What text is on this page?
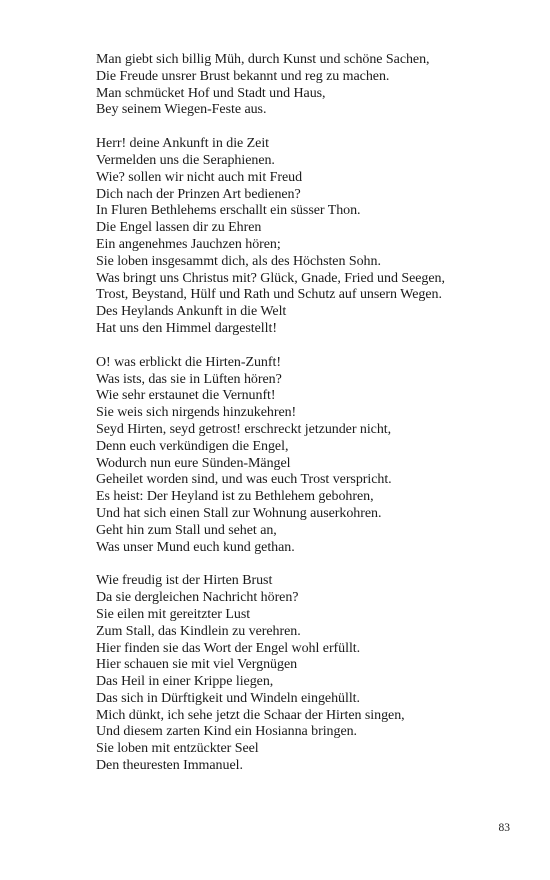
Man giebt sich billig Müh, durch Kunst und schöne Sachen,
Die Freude unsrer Brust bekannt und reg zu machen.
Man schmücket Hof und Stadt und Haus,
Bey seinem Wiegen-Feste aus.
Herr! deine Ankunft in die Zeit
Vermelden uns die Seraphienen.
Wie? sollen wir nicht auch mit Freud
Dich nach der Prinzen Art bedienen?
In Fluren Bethlehems erschallt ein süsser Thon.
Die Engel lassen dir zu Ehren
Ein angenehmes Jauchzen hören;
Sie loben insgesammt dich, als des Höchsten Sohn.
Was bringt uns Christus mit? Glück, Gnade, Fried und Seegen,
Trost, Beystand, Hülf und Rath und Schutz auf unsern Wegen.
Des Heylands Ankunft in die Welt
Hat uns den Himmel dargestellt!
O! was erblickt die Hirten-Zunft!
Was ists, das sie in Lüften hören?
Wie sehr erstaunet die Vernunft!
Sie weis sich nirgends hinzukehren!
Seyd Hirten, seyd getrost! erschreckt jetzunder nicht,
Denn euch verkündigen die Engel,
Wodurch nun eure Sünden-Mängel
Geheilet worden sind, und was euch Trost verspricht.
Es heist: Der Heyland ist zu Bethlehem gebohren,
Und hat sich einen Stall zur Wohnung auserkohren.
Geht hin zum Stall und sehet an,
Was unser Mund euch kund gethan.
Wie freudig ist der Hirten Brust
Da sie dergleichen Nachricht hören?
Sie eilen mit gereitzter Lust
Zum Stall, das Kindlein zu verehren.
Hier finden sie das Wort der Engel wohl erfüllt.
Hier schauen sie mit viel Vergnügen
Das Heil in einer Krippe liegen,
Das sich in Dürftigkeit und Windeln eingehüllt.
Mich dünkt, ich sehe jetzt die Schaar der Hirten singen,
Und diesem zarten Kind ein Hosianna bringen.
Sie loben mit entzückter Seel
Den theuresten Immanuel.
83
